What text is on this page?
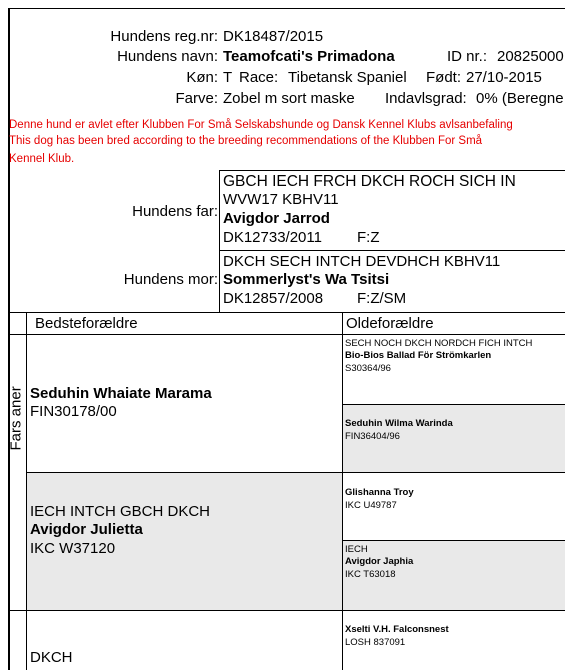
Hundens reg.nr: DK18487/2015
Hundens navn: Teamofcati's Primadona	ID nr.: 20825000
Køn: T Race: Tibetansk Spaniel Født: 27/10-2015
Farve: Zobel m sort maske Indavlsgrad: 0% (Beregne
Denne hund er avlet efter Klubben For Små Selskabshunde og Dansk Kennel Klubs avlsanbefaling
This dog has been bred according to the breeding recommendations of the Klubben For Små
Kennel Klub.
Hundens far:
GBCH IECH FRCH DKCH ROCH SICH IN
WVW17 KBHV11
Avigdor Jarrod
DK12733/2011 F:Z
Hundens mor:
DKCH SECH INTCH DEVDHCH KBHV11
Sommerlyst's Wa Tsitsi
DK12857/2008 F:Z/SM
Bedsteforældre	Oldeforældre
Fars aner Seduhin Whaiate Marama
FIN30178/00
IECH INTCH GBCH DKCH
Avigdor Julietta
IKC W37120
DKCH
SECH NOCH DKCH NORDCH FICH INTCH
Bio-Bios Ballad För Strömkarlen
S30364/96
Seduhin Wilma Warinda
FIN36404/96
Glishanna Troy
IKC U49787
IECH
Avigdor Japhia
IKC T63018
Xselti V.H. Falconsnest
LOSH 837091
